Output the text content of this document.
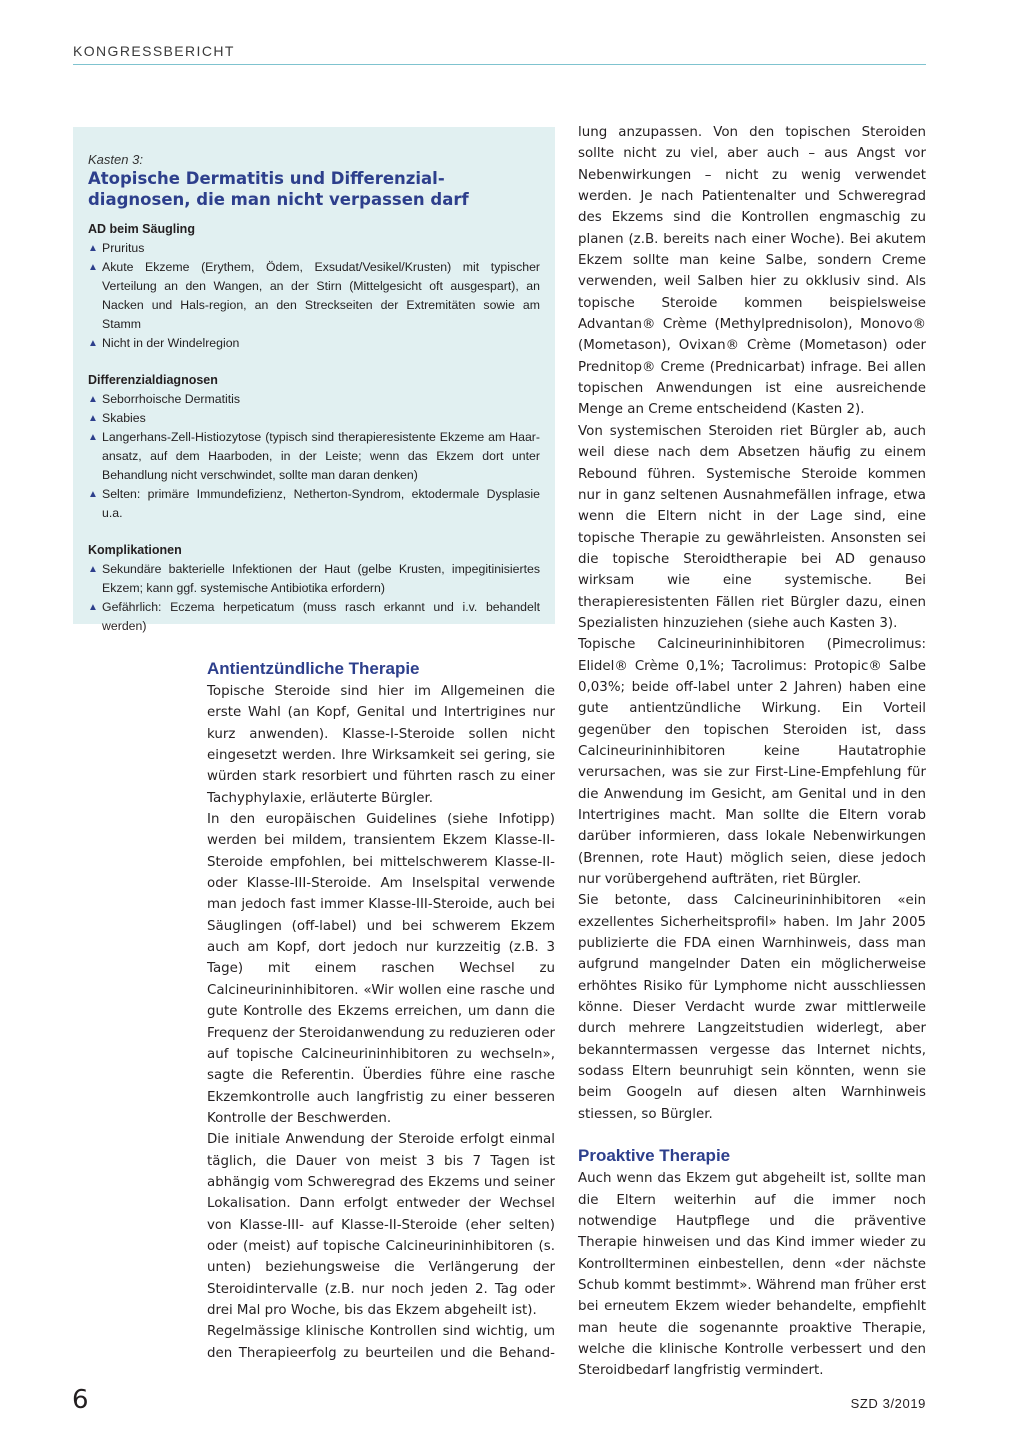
KONGRESSBERICHT
Kasten 3:
Atopische Dermatitis und Differenzial-diagnosen, die man nicht verpassen darf
AD beim Säugling
▲ Pruritus
▲ Akute Ekzeme (Erythem, Ödem, Exsudat/Vesikel/Krusten) mit typischer Verteilung an den Wangen, an der Stirn (Mittelgesicht oft ausgespart), an Nacken und Hals-region, an den Streckseiten der Extremitäten sowie am Stamm
▲ Nicht in der Windelregion
Differenzialdiagnosen
▲ Seborrhoische Dermatitis
▲ Skabies
▲ Langerhans-Zell-Histiozytose (typisch sind therapieresistente Ekzeme am Haar-ansatz, auf dem Haarboden, in der Leiste; wenn das Ekzem dort unter Behandlung nicht verschwindet, sollte man daran denken)
▲ Selten: primäre Immundefizienz, Netherton-Syndrom, ektodermale Dysplasie u.a.
Komplikationen
▲ Sekundäre bakterielle Infektionen der Haut (gelbe Krusten, impegitinisiertes Ekzem; kann ggf. systemische Antibiotika erfordern)
▲ Gefährlich: Eczema herpeticatum (muss rasch erkannt und i.v. behandelt werden)
Antientzündliche Therapie

Topische Steroide sind hier im Allgemeinen die erste Wahl (an Kopf, Genital und Intertrigines nur kurz anwenden). Klasse-I-Steroide sollen nicht eingesetzt werden. Ihre Wirksamkeit sei gering, sie würden stark resorbiert und führten rasch zu einer Tachyphylaxie, erläuterte Bürgler.

In den europäischen Guidelines (siehe Infotipp) werden bei mildem, transientem Ekzem Klasse-II-Steroide empfohlen, bei mittelschwerem Klasse-II- oder Klasse-III-Steroide. Am Inselspital verwende man jedoch fast immer Klasse-III-Steroide, auch bei Säuglingen (off-label) und bei schwerem Ekzem auch am Kopf, dort jedoch nur kurzzeitig (z.B. 3 Tage) mit einem raschen Wechsel zu Calcineurininhibitoren. «Wir wollen eine rasche und gute Kontrolle des Ekzems erreichen, um dann die Frequenz der Steroidanwendung zu reduzieren oder auf topische Calcineurininhibitoren zu wechseln», sagte die Referentin. Überdies führe eine rasche Ekzemkontrolle auch langfristig zu einer besseren Kontrolle der Beschwerden.

Die initiale Anwendung der Steroide erfolgt einmal täglich, die Dauer von meist 3 bis 7 Tagen ist abhängig vom Schweregrad des Ekzems und seiner Lokalisation. Dann erfolgt entweder der Wechsel von Klasse-III- auf Klasse-II-Steroide (eher selten) oder (meist) auf topische Calcineurininhibitoren (s. unten) beziehungsweise die Verlängerung der Steroidintervalle (z.B. nur noch jeden 2. Tag oder drei Mal pro Woche, bis das Ekzem abgeheilt ist).

Regelmässige klinische Kontrollen sind wichtig, um den Therapieerfolg zu beurteilen und die Behand-

lung anzupassen. Von den topischen Steroiden sollte nicht zu viel, aber auch – aus Angst vor Nebenwirkungen – nicht zu wenig verwendet werden. Je nach Patientenalter und Schweregrad des Ekzems sind die Kontrollen engmaschig zu planen (z.B. bereits nach einer Woche). Bei akutem Ekzem sollte man keine Salbe, sondern Creme verwenden, weil Salben hier zu okklusiv sind. Als topische Steroide kommen beispielsweise Advantan® Crème (Methylprednisolon), Monovo® (Mometason), Ovixan® Crème (Mometason) oder Prednitop® Creme (Prednicarbat) infrage. Bei allen topischen Anwendungen ist eine ausreichende Menge an Creme entscheidend (Kasten 2).

Von systemischen Steroiden riet Bürgler ab, auch weil diese nach dem Absetzen häufig zu einem Rebound führen. Systemische Steroide kommen nur in ganz seltenen Ausnahmefällen infrage, etwa wenn die Eltern nicht in der Lage sind, eine topische Therapie zu gewährleisten. Ansonsten sei die topische Steroidtherapie bei AD genauso wirksam wie eine systemische. Bei therapieresistenten Fällen riet Bürgler dazu, einen Spezialisten hinzuziehen (siehe auch Kasten 3).

Topische Calcineurininhibitoren (Pimecrolimus: Elidel® Crème 0,1%; Tacrolimus: Protopic® Salbe 0,03%; beide off-label unter 2 Jahren) haben eine gute antientzündliche Wirkung. Ein Vorteil gegenüber den topischen Steroiden ist, dass Calcineurininhibitoren keine Hautatrophie verursachen, was sie zur First-Line-Empfehlung für die Anwendung im Gesicht, am Genital und in den Intertrigines macht. Man sollte die Eltern vorab darüber informieren, dass lokale Nebenwirkungen (Brennen, rote Haut) möglich seien, diese jedoch nur vorübergehend aufträten, riet Bürgler.

Sie betonte, dass Calcineurininhibitoren «ein exzellentes Sicherheitsprofil» haben. Im Jahr 2005 publizierte die FDA einen Warnhinweis, dass man aufgrund mangelnder Daten ein möglicherweise erhöhtes Risiko für Lymphome nicht ausschliessen könne. Dieser Verdacht wurde zwar mittlerweile durch mehrere Langzeitstudien widerlegt, aber bekanntermassen vergesse das Internet nichts, sodass Eltern beunruhigt sein könnten, wenn sie beim Googeln auf diesen alten Warnhinweis stiessen, so Bürgler.

Proaktive Therapie

Auch wenn das Ekzem gut abgeheilt ist, sollte man die Eltern weiterhin auf die immer noch notwendige Hautpflege und die präventive Therapie hinweisen und das Kind immer wieder zu Kontrollterminen einbestellen, denn «der nächste Schub kommt bestimmt». Während man früher erst bei erneutem Ekzem wieder behandelte, empfiehlt man heute die sogenannte proaktive Therapie, welche die klinische Kontrolle verbessert und den Steroidbedarf langfristig vermindert.

6	SZD 3/2019
